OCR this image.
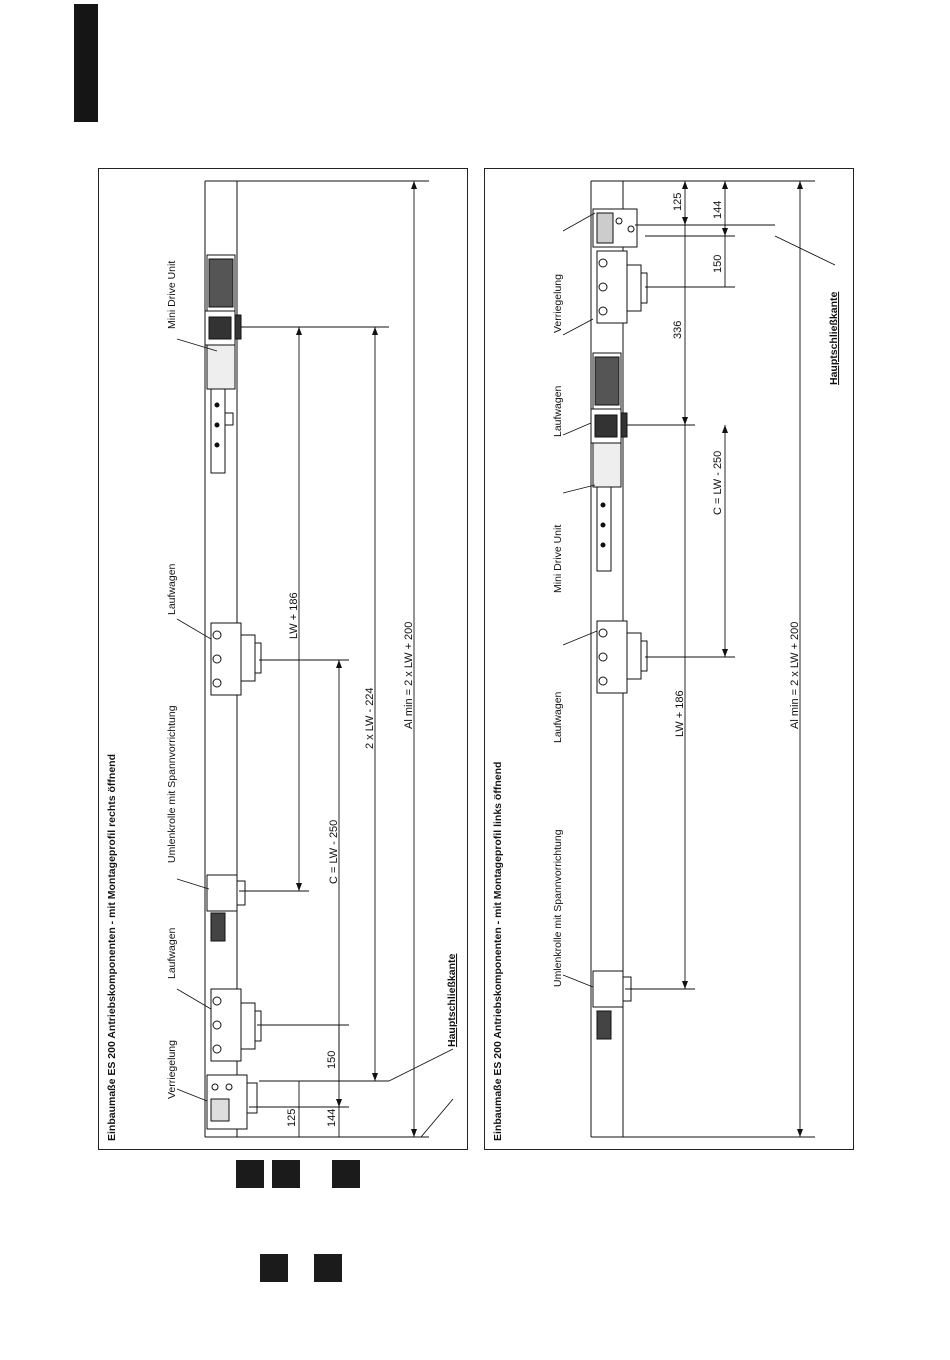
Einbaumaße ES 200 Antriebskomponenten - mit Montageprofil rechts öffnend
Mini Drive Unit
Laufwagen
Umlenkrolle mit Spannvorrichtung
Laufwagen
Verriegelung
LW + 186
C = LW - 250
2 x LW - 224 Al min = 2 x LW + 200
125	144
150
Hauptschließkante	Einbaumaße ES 200 Antriebskomponenten - mit Montageprofil links öffnend
Verriegelung
Laufwagen
Mini Drive Unit
Laufwagen
Umlenkrolle mit Spannvorrichtung
125	144
150
336
C = LW - 250
LW + 186	Al min = 2 x LW + 200
Hauptschließkante
